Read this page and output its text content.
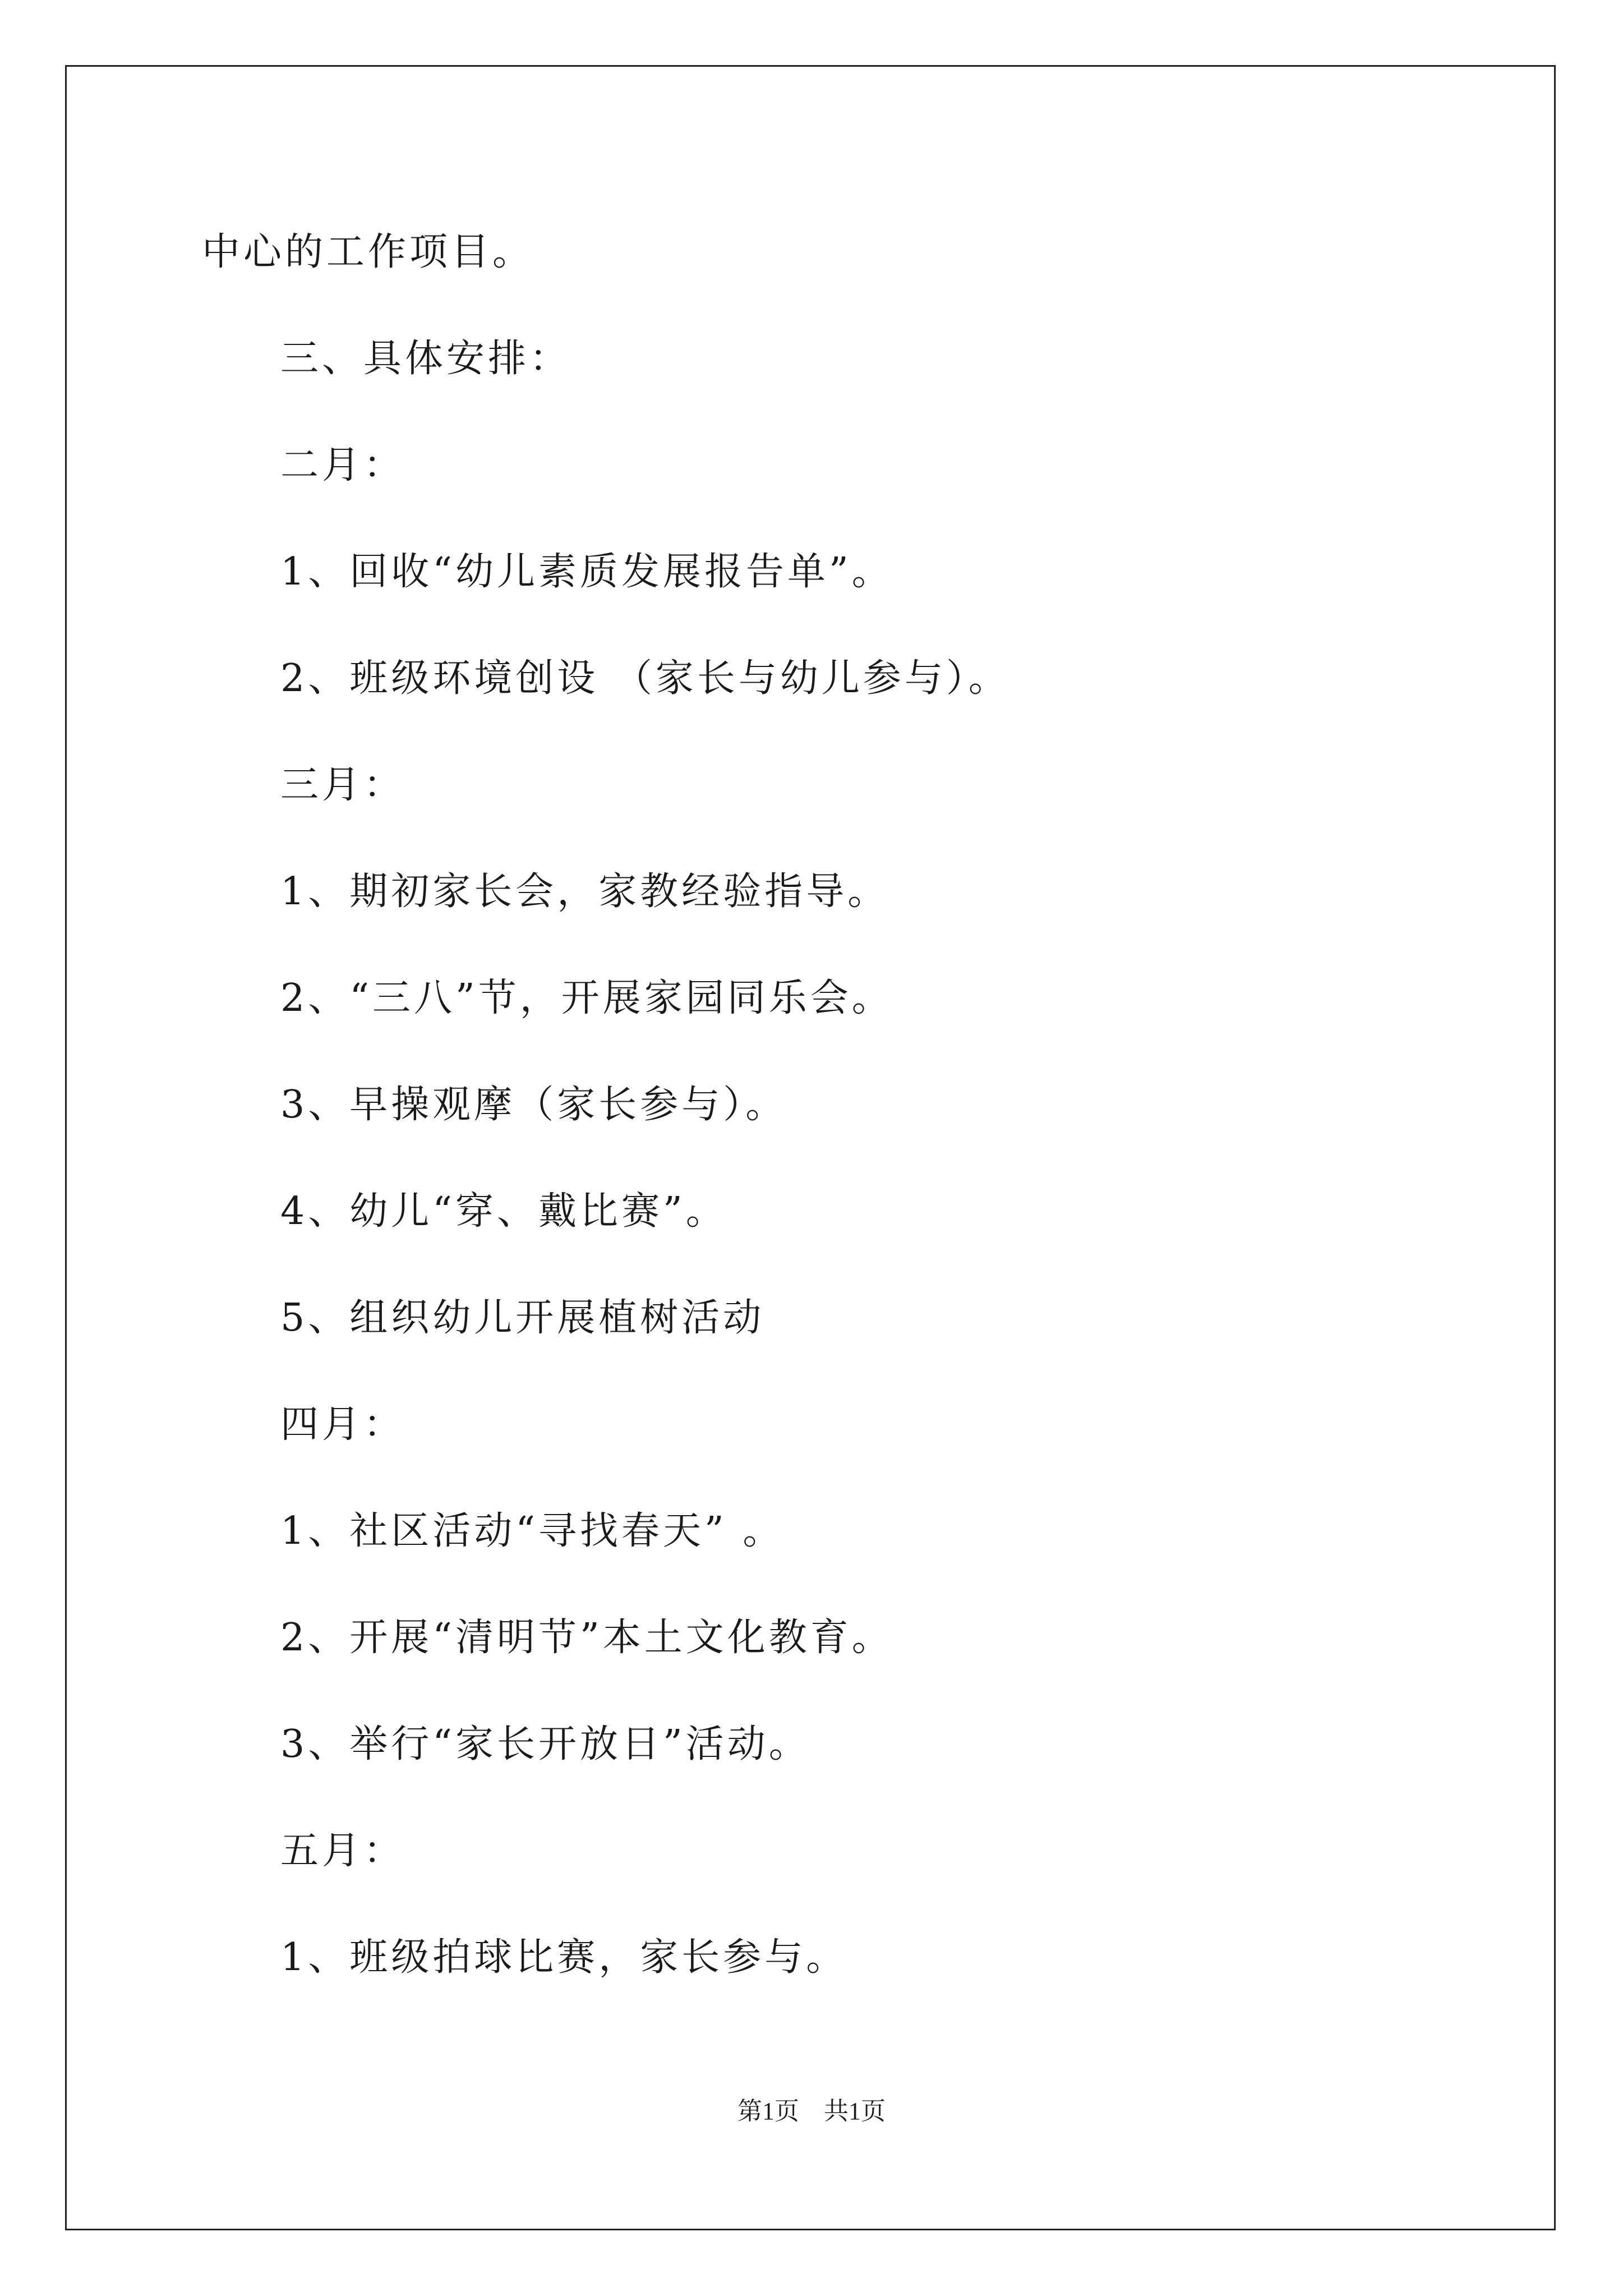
中心的工作项目。
三、具体安排：
二月：
1、回收“幼儿素质发展报告单”。
2、班级环境创设 （家长与幼儿参与）。
三月：
1、期初家长会，家教经验指导。
2、“三八”节，开展家园同乐会。
3、早操观摩（家长参与）。
4、幼儿“穿、戴比赛”。
5、组织幼儿开展植树活动
四月：
1、社区活动“寻找春天” 。
2、开展“清明节”本土文化教育。
3、举行“家长开放日”活动。
五月：
1、班级拍球比赛，家长参与。
第1页　共1页
